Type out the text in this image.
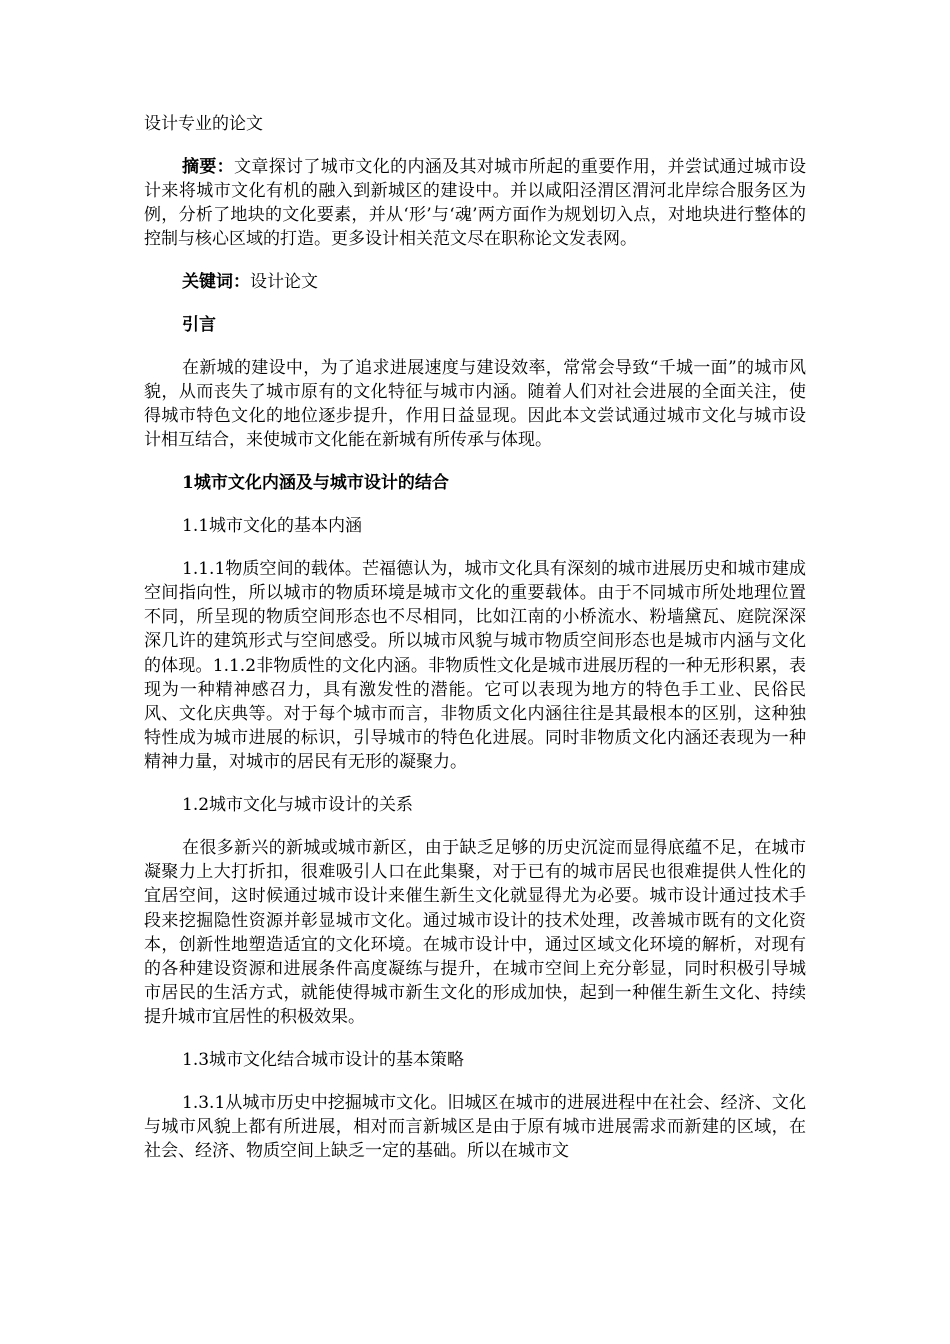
设计专业的论文

摘要：文章探讨了城市文化的内涵及其对城市所起的重要作用，并尝试通过城市设计来将城市文化有机的融入到新城区的建设中。并以咸阳泾渭区渭河北岸综合服务区为例，分析了地块的文化要素，并从‘形’与‘魂’两方面作为规划切入点，对地块进行整体的控制与核心区域的打造。更多设计相关范文尽在职称论文发表网。

关键词：设计论文

引言

在新城的建设中，为了追求进展速度与建设效率，常常会导致“千城一面”的城市风貌，从而丧失了城市原有的文化特征与城市内涵。随着人们对社会进展的全面关注，使得城市特色文化的地位逐步提升，作用日益显现。因此本文尝试通过城市文化与城市设计相互结合，来使城市文化能在新城有所传承与体现。

1城市文化内涵及与城市设计的结合

1.1城市文化的基本内涵

1.1.1物质空间的载体。芒福德认为，城市文化具有深刻的城市进展历史和城市建成空间指向性，所以城市的物质环境是城市文化的重要载体。由于不同城市所处地理位置不同，所呈现的物质空间形态也不尽相同，比如江南的小桥流水、粉墙黛瓦、庭院深深深几许的建筑形式与空间感受。所以城市风貌与城市物质空间形态也是城市内涵与文化的体现。1.1.2非物质性的文化内涵。非物质性文化是城市进展历程的一种无形积累，表现为一种精神感召力，具有激发性的潜能。它可以表现为地方的特色手工业、民俗民风、文化庆典等。对于每个城市而言，非物质文化内涵往往是其最根本的区别，这种独特性成为城市进展的标识，引导城市的特色化进展。同时非物质文化内涵还表现为一种精神力量，对城市的居民有无形的凝聚力。

1.2城市文化与城市设计的关系

在很多新兴的新城或城市新区，由于缺乏足够的历史沉淀而显得底蕴不足，在城市凝聚力上大打折扣，很难吸引人口在此集聚，对于已有的城市居民也很难提供人性化的宜居空间，这时候通过城市设计来催生新生文化就显得尤为必要。城市设计通过技术手段来挖掘隐性资源并彰显城市文化。通过城市设计的技术处理，改善城市既有的文化资本，创新性地塑造适宜的文化环境。在城市设计中，通过区域文化环境的解析，对现有的各种建设资源和进展条件高度凝练与提升，在城市空间上充分彰显，同时积极引导城市居民的生活方式，就能使得城市新生文化的形成加快，起到一种催生新生文化、持续提升城市宜居性的积极效果。

1.3城市文化结合城市设计的基本策略

1.3.1从城市历史中挖掘城市文化。旧城区在城市的进展进程中在社会、经济、文化与城市风貌上都有所进展，相对而言新城区是由于原有城市进展需求而新建的区域，在社会、经济、物质空间上缺乏一定的基础。所以在城市文
